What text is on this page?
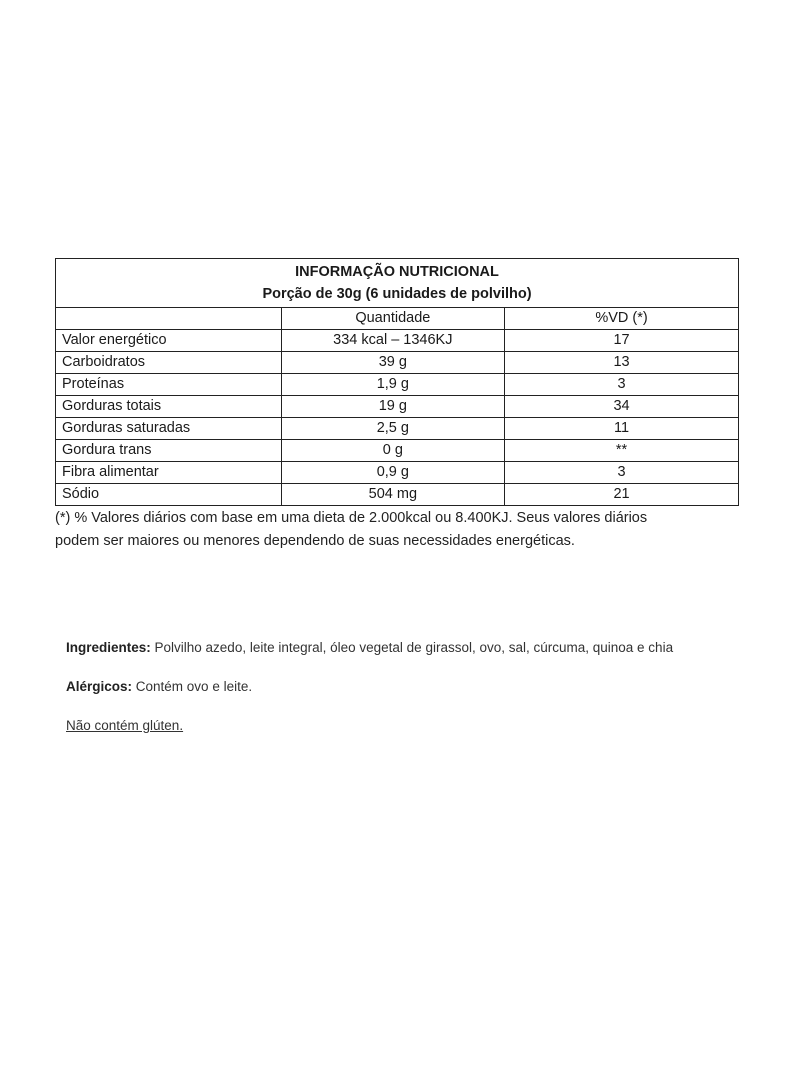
INFORMAÇÃO NUTRICIONAL
Porção de 30g (6 unidades de polvilho)		

	Quantidade	%VD (*)
Valor energético	334 kcal – 1346KJ	17
Carboidratos	39 g	13
Proteínas	1,9 g	3
Gorduras totais	19 g	34
Gorduras saturadas	2,5 g	11
Gordura trans	0 g	**
Fibra alimentar	0,9 g	3
Sódio	504 mg	21
(*) % Valores diários com base em uma dieta de 2.000kcal ou 8.400KJ. Seus valores diários
podem ser maiores ou menores dependendo de suas necessidades energéticas.

Ingredientes: Polvilho azedo, leite integral, óleo vegetal de girassol, ovo, sal, cúrcuma, quinoa e chia

Alérgicos: Contém ovo e leite.

Não contém glúten.
